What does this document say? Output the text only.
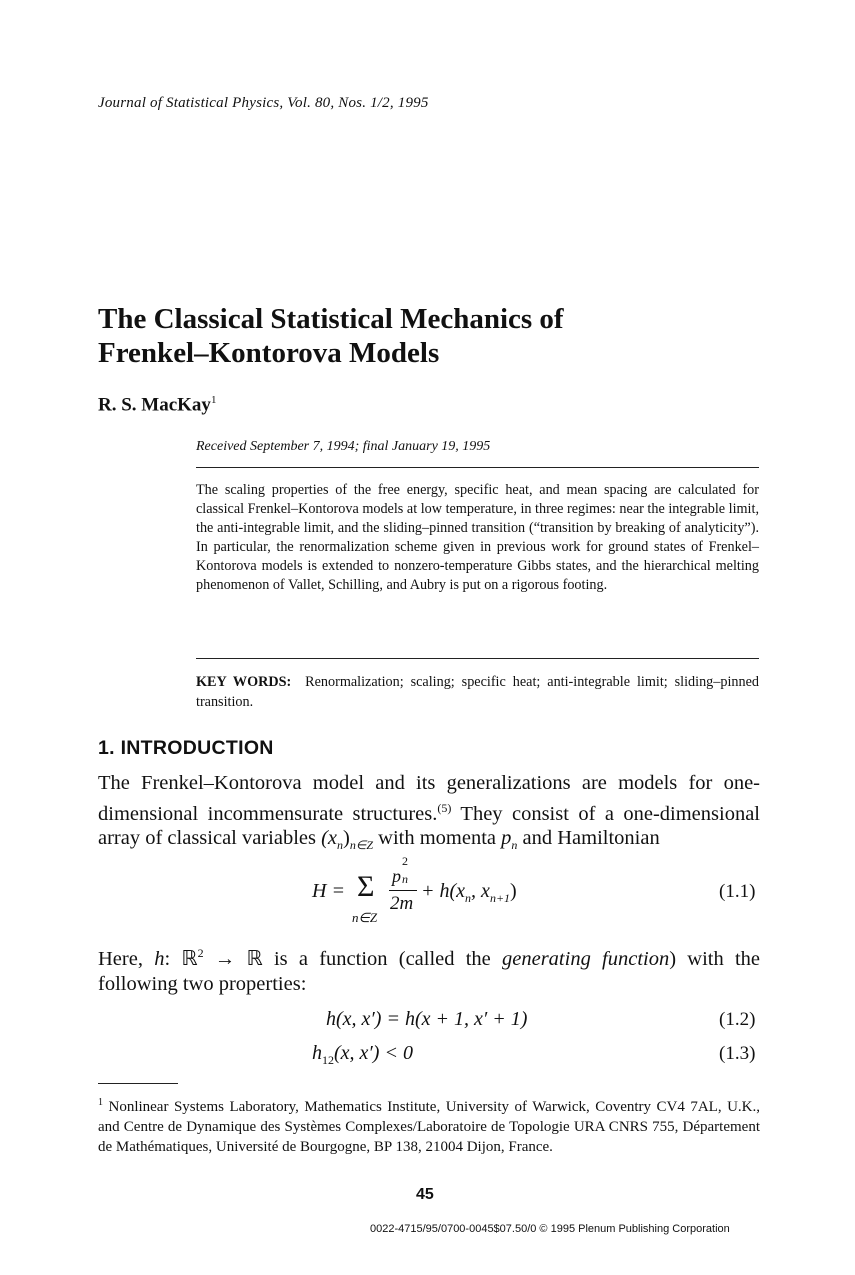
Journal of Statistical Physics, Vol. 80, Nos. 1/2, 1995
The Classical Statistical Mechanics of
Frenkel–Kontorova Models
R. S. MacKay$^1$
Received September 7, 1994; final January 19, 1995
The scaling properties of the free energy, specific heat, and mean spacing are calculated for classical Frenkel–Kontorova models at low temperature, in three regimes: near the integrable limit, the anti-integrable limit, and the sliding–pinned transition (“transition by breaking of analyticity”). In particular, the renormalization scheme given in previous work for ground states of Frenkel–Kontorova models is extended to nonzero-temperature Gibbs states, and the hierarchical melting phenomenon of Vallet, Schilling, and Aubry is put on a rigorous footing.
KEY WORDS: Renormalization; scaling; specific heat; anti-integrable limit; sliding–pinned transition.
1. INTRODUCTION
The Frenkel–Kontorova model and its generalizations are models for one-dimensional incommensurate structures.$^{(5)}$ They consist of a one-dimensional array of classical variables $(x_n)_{n\in Z}$ with momenta $p_n$ and Hamiltonian
H = Σ
n∈Z
p
2
n
2m
+ $h(x_n$, $x_{n+1}$)	(1.1)
Here, h: ℝ$^2$ → ℝ is a function (called the generating function) with the following two properties:
h(x, x′) = h(x + 1, x′ + 1)	(1.2)
$h_{12}(x$, x′) < 0	(1.3)
$^1$ Nonlinear Systems Laboratory, Mathematics Institute, University of Warwick, Coventry CV4 7AL, U.K., and Centre de Dynamique des Systèmes Complexes/Laboratoire de Topologie URA CNRS 755, Département de Mathématiques, Université de Bourgogne, BP 138, 21004 Dijon, France.
45
0022-4715/95/0700-0045$07.50/0 © 1995 Plenum Publishing Corporation
